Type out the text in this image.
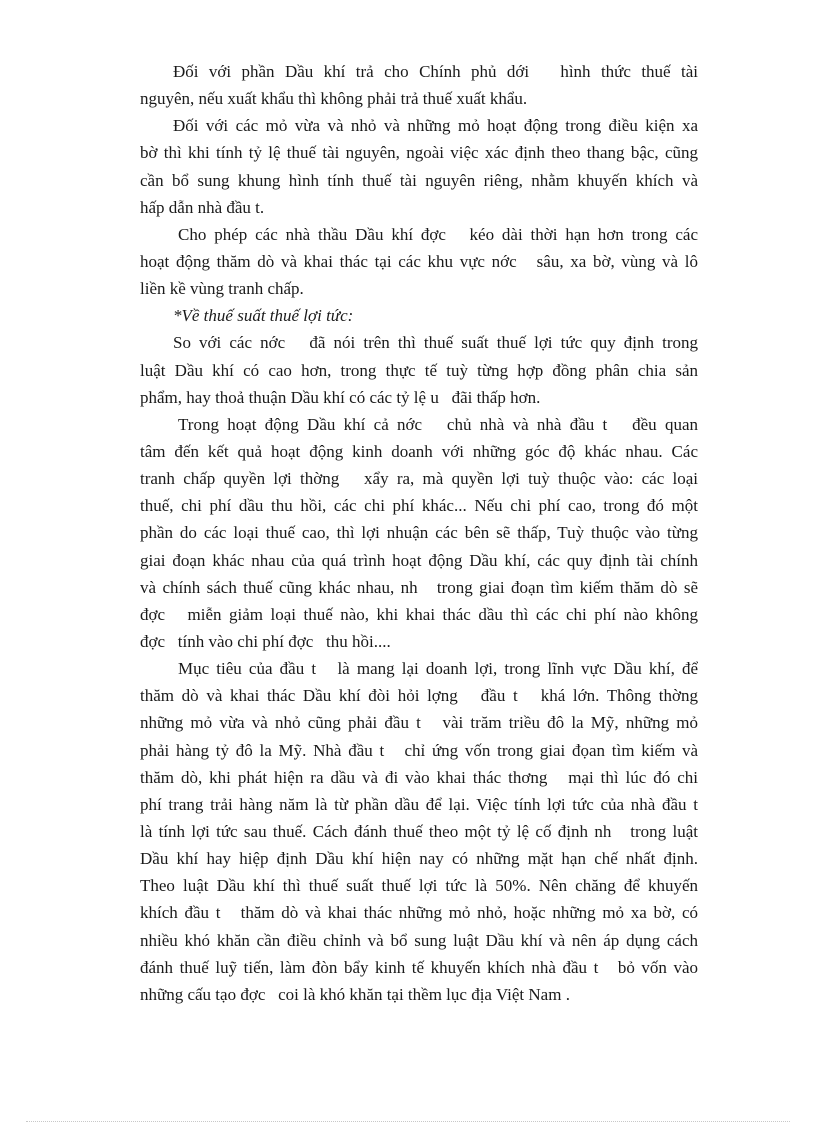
Đối với phần Dầu khí trả cho Chính phủ dới   hình thức thuế tài
nguyên, nếu xuất khẩu thì không phải trả thuế xuất khẩu.
Đối với các mỏ vừa và nhỏ và những mỏ hoạt động trong điều kiện xa
bờ thì khi tính tỷ lệ thuế tài nguyên, ngoài việc xác định theo thang bậc, cũng
cần bổ sung khung hình tính thuế tài nguyên riêng, nhằm khuyến khích và
hấp dẫn nhà đầu t.
Cho phép các nhà thầu Dầu khí đợc   kéo dài thời hạn hơn trong các
hoạt động thăm dò và khai thác tại các khu vực nớc   sâu, xa bờ, vùng và lô
liền kề vùng tranh chấp.
*Về thuế suất thuế lợi tức:
So với các nớc   đã nói trên thì thuế suất thuế lợi tức quy định trong
luật Dầu khí có cao hơn, trong thực tế tuỳ từng hợp đồng phân chia sản
phẩm, hay thoả thuận Dầu khí có các tỷ lệ u   đãi thấp hơn.
Trong hoạt động Dầu khí cả nớc   chủ nhà và nhà đầu t   đều quan
tâm đến kết quả hoạt động kinh doanh với những góc độ khác nhau. Các
tranh chấp quyền lợi thờng   xẩy ra, mà quyền lợi tuỳ thuộc vào: các loại
thuế, chi phí dầu thu hồi, các chi phí khác... Nếu chi phí cao, trong đó một
phần do các loại thuế cao, thì lợi nhuận các bên sẽ thấp, Tuỳ thuộc vào từng
giai đoạn khác nhau của quá trình hoạt động Dầu khí, các quy định tài chính
và chính sách thuế cũng khác nhau, nh   trong giai đoạn tìm kiếm thăm dò sẽ
đợc   miễn giảm loại thuế nào, khi khai thác dầu thì các chi phí nào không
đợc   tính vào chi phí đợc   thu hồi....
Mục tiêu của đầu t   là mang lại doanh lợi, trong lĩnh vực Dầu khí, để
thăm dò và khai thác Dầu khí đòi hỏi lợng   đầu t   khá lớn. Thông thờng
những mỏ vừa và nhỏ cũng phải đầu t   vài trăm triều đô la Mỹ, những mỏ
phải hàng tỷ đô la Mỹ. Nhà đầu t   chỉ ứng vốn trong giai đọan tìm kiếm và
thăm dò, khi phát hiện ra dầu và đi vào khai thác thơng   mại thì lúc đó chi
phí trang trải hàng năm là từ phần dầu để lại. Việc tính lợi tức của nhà đầu t
là tính lợi tức sau thuế. Cách đánh thuế theo một tỷ lệ cố định nh   trong luật
Dầu khí hay hiệp định Dầu khí hiện nay có những mặt hạn chế nhất định.
Theo luật Dầu khí thì thuế suất thuế lợi tức là 50%. Nên chăng để khuyến
khích đầu t   thăm dò và khai thác những mỏ nhỏ, hoặc những mỏ xa bờ, có
nhiều khó khăn cần điều chỉnh và bổ sung luật Dầu khí và nên áp dụng cách
đánh thuế luỹ tiến, làm đòn bẩy kinh tế khuyến khích nhà đầu t   bỏ vốn vào
những cấu tạo đợc   coi là khó khăn tại thềm lục địa Việt Nam .
